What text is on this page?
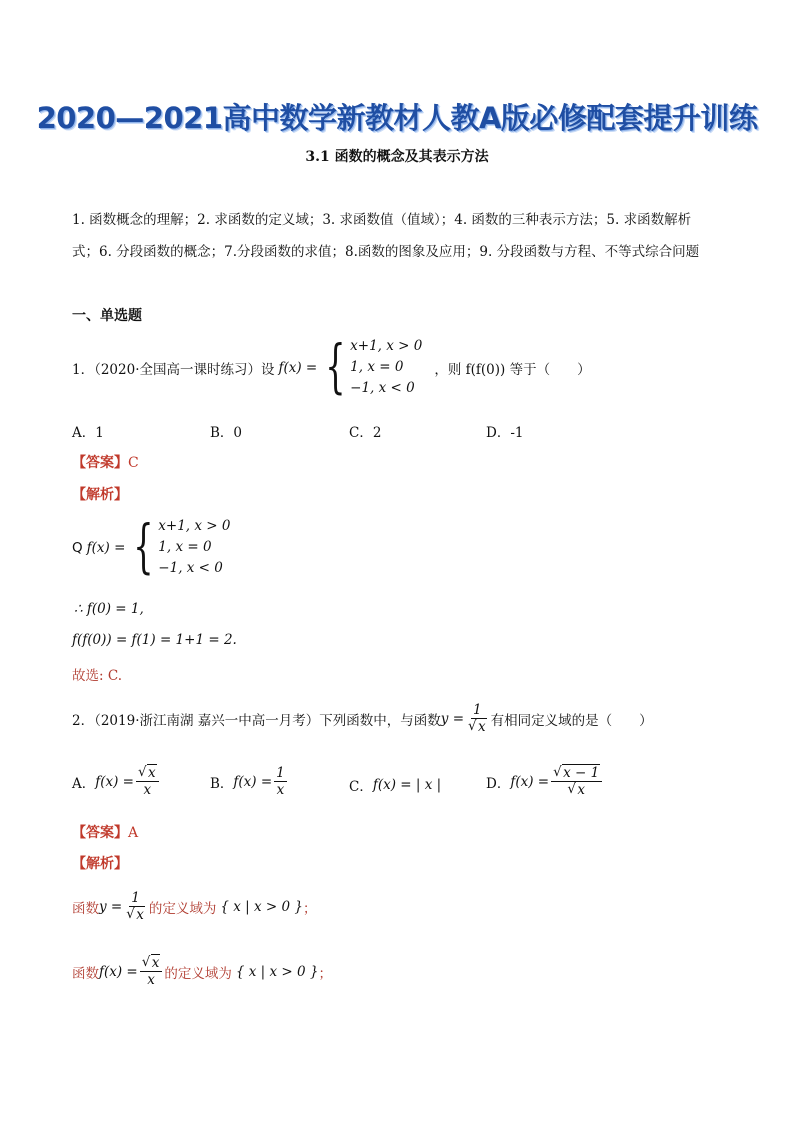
2020—2021高中数学新教材人教A版必修配套提升训练
3.1 函数的概念及其表示方法
1. 函数概念的理解；2. 求函数的定义域；3. 求函数值（值域）；4. 函数的三种表示方法；5. 求函数解析
式；6. 分段函数的概念；7.分段函数的求值；8.函数的图象及应用；9. 分段函数与方程、不等式综合问题
一、单选题
1．（2020·全国高一课时练习）设 f(x) = { x+1, x > 0
1, x = 0
−1, x < 0
，则 f(f(0)) 等于（　　）
A．1	B．0	C．2	D．-1
【答案】C
【解析】
Q f(x) = { x+1, x > 0
1, x = 0
−1, x < 0
∴ f(0) = 1,
f(f(0)) = f(1) = 1+1 = 2.
故选: C.
2．（2019·浙江南湖 嘉兴一中高一月考）下列函数中，与函数 y = 1
√ x 有相同定义域的是（　　）
A． f(x) = √ $\frac{x}{x}$	B． $f(x) = \frac{1}{x}$	C． f(x) = | x |	D． f(x) = √ x − 1
√ x
【答案】A
【解析】
函数 y = 1
√ x 的定义域为 { x | x > 0 } ；
函数 f(x) = √ $\frac{x}{x}$ 的定义域为 { x | x > 0 } ；
